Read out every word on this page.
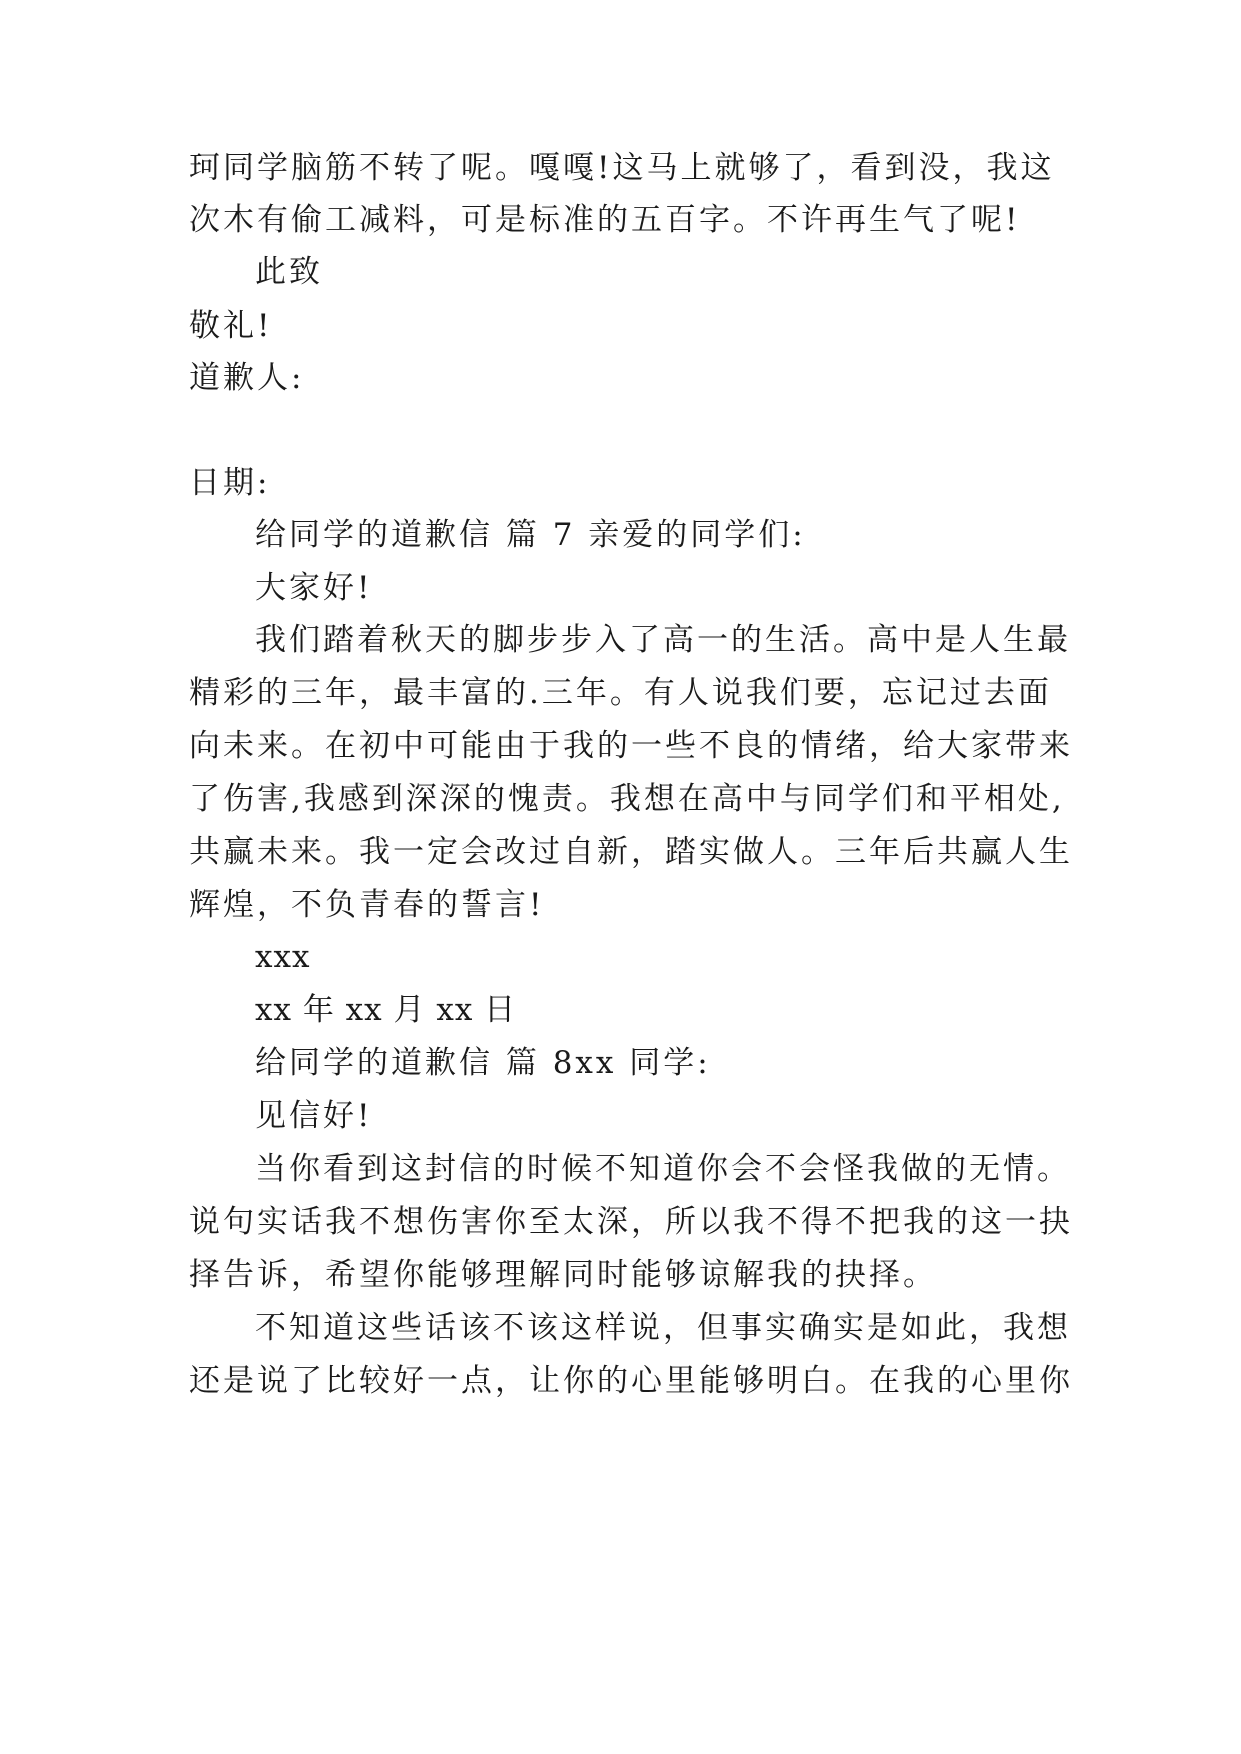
珂同学脑筋不转了呢。嘎嘎!这马上就够了，看到没，我这
次木有偷工减料，可是标准的五百字。不许再生气了呢!
此致
敬礼!
道歉人:
日期:
给同学的道歉信 篇 7 亲爱的同学们:
大家好!
我们踏着秋天的脚步步入了高一的生活。高中是人生最
精彩的三年，最丰富的.三年。有人说我们要，忘记过去面
向未来。在初中可能由于我的一些不良的情绪，给大家带来
了伤害,我感到深深的愧责。我想在高中与同学们和平相处,
共赢未来。我一定会改过自新，踏实做人。三年后共赢人生
辉煌，不负青春的誓言!
xxx
xx 年 xx 月 xx 日
给同学的道歉信 篇 8xx 同学:
见信好!
当你看到这封信的时候不知道你会不会怪我做的无情。
说句实话我不想伤害你至太深，所以我不得不把我的这一抉
择告诉，希望你能够理解同时能够谅解我的抉择。
不知道这些话该不该这样说，但事实确实是如此，我想
还是说了比较好一点，让你的心里能够明白。在我的心里你
